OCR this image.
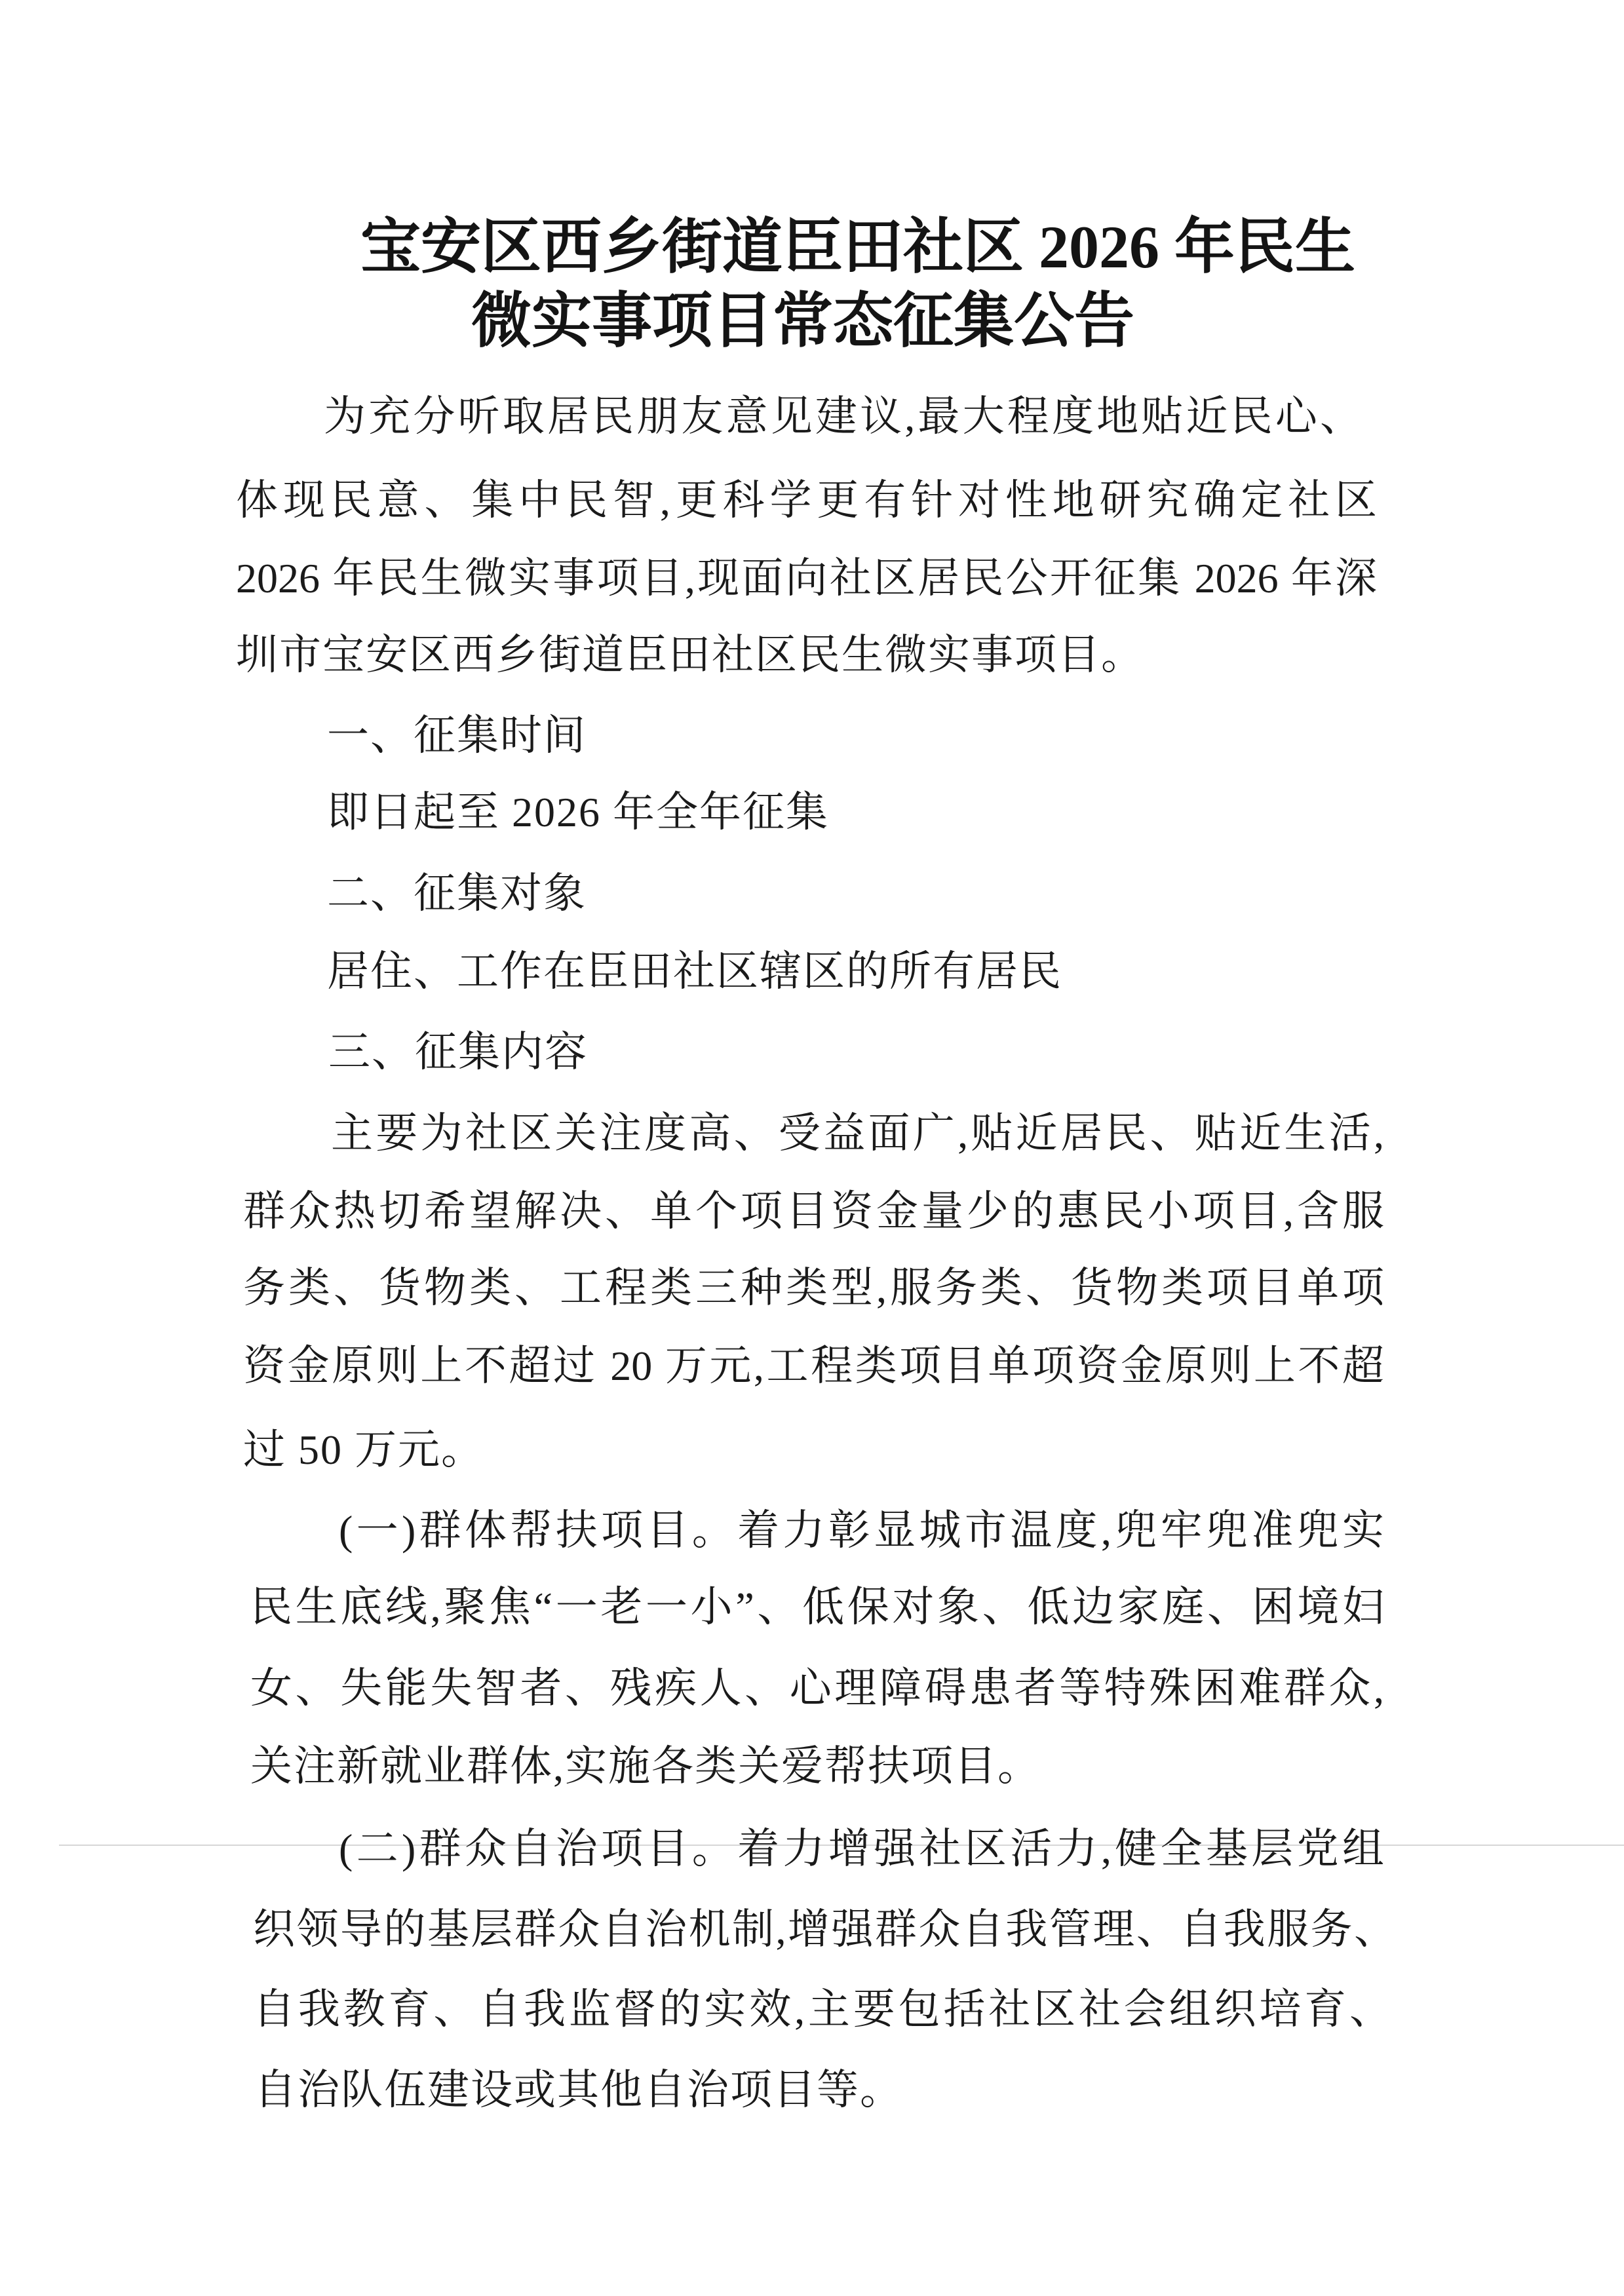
宝安区西乡街道臣田社区 2026 年民生
微实事项目常态征集公告
为充分听取居民朋友意见建议,最大程度地贴近民心、
体现民意、集中民智,更科学更有针对性地研究确定社区
2026 年民生微实事项目,现面向社区居民公开征集 2026 年深
圳市宝安区西乡街道臣田社区民生微实事项目。
一、征集时间
即日起至 2026 年全年征集
二、征集对象
居住、工作在臣田社区辖区的所有居民
三、征集内容
主要为社区关注度高、受益面广,贴近居民、贴近生活,
群众热切希望解决、单个项目资金量少的惠民小项目,含服
务类、货物类、工程类三种类型,服务类、货物类项目单项
资金原则上不超过 20 万元,工程类项目单项资金原则上不超
过 50 万元。
(一)群体帮扶项目。着力彰显城市温度,兜牢兜准兜实
民生底线,聚焦“一老一小”、低保对象、低边家庭、困境妇
女、失能失智者、残疾人、心理障碍患者等特殊困难群众,
关注新就业群体,实施各类关爱帮扶项目。
(二)群众自治项目。着力增强社区活力,健全基层党组
织领导的基层群众自治机制,增强群众自我管理、自我服务、
自我教育、自我监督的实效,主要包括社区社会组织培育、
自治队伍建设或其他自治项目等。
